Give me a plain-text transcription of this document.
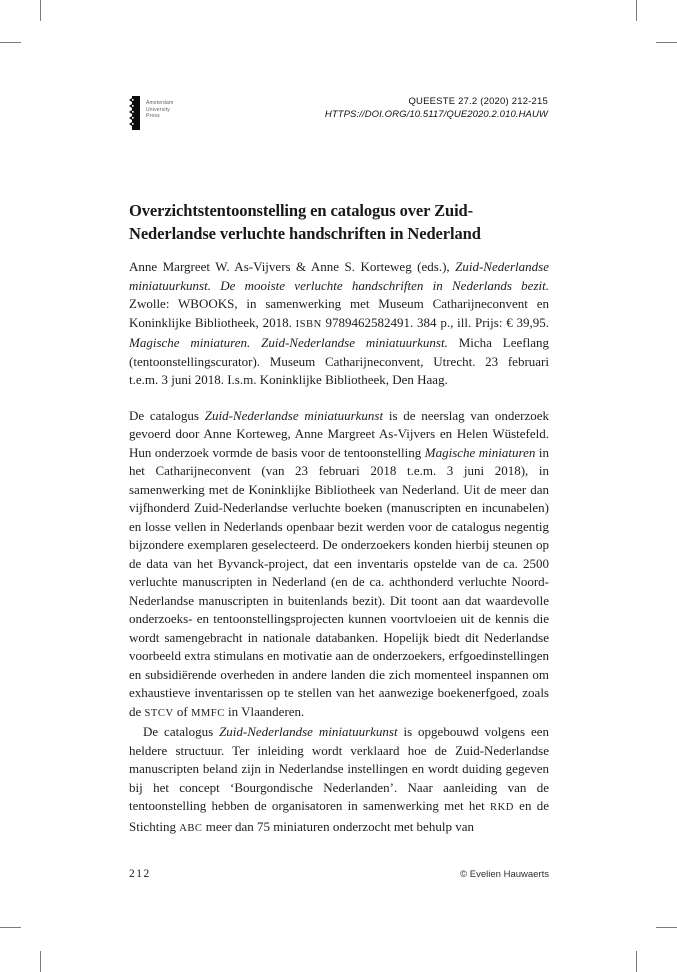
Amsterdam
University
Press
QUEESTE 27.2 (2020) 212-215
HTTPS://DOI.ORG/10.5117/QUE2020.2.010.HAUW
Overzichtstentoonstelling en catalogus over Zuid-
Nederlandse verluchte handschriften in Nederland

Anne Margreet W. As-Vijvers & Anne S. Korteweg (eds.), Zuid-Nederlandse miniatuurkunst. De mooiste verluchte handschriften in Nederlands bezit. Zwolle: WBOOKS, in samenwerking met Museum Catharijneconvent en Koninklijke Bibliotheek, 2018. ISBN 9789462582491. 384 p., ill. Prijs: € 39,95. Magische miniaturen. Zuid-Nederlandse miniatuurkunst. Micha Leeflang (tentoonstellingscurator). Museum Catharijneconvent, Utrecht. 23 februari t.e.m. 3 juni 2018. I.s.m. Koninklijke Bibliotheek, Den Haag.

De catalogus Zuid-Nederlandse miniatuurkunst is de neerslag van onderzoek gevoerd door Anne Korteweg, Anne Margreet As-Vijvers en Helen Wüstefeld. Hun onderzoek vormde de basis voor de tentoonstelling Magische miniaturen in het Catharijneconvent (van 23 februari 2018 t.e.m. 3 juni 2018), in samenwerking met de Koninklijke Bibliotheek van Nederland. Uit de meer dan vijfhonderd Zuid-Nederlandse verluchte boeken (manuscripten en incunabelen) en losse vellen in Nederlands openbaar bezit werden voor de catalogus negentig bijzondere exemplaren geselecteerd. De onderzoekers konden hierbij steunen op de data van het Byvanck-project, dat een inventaris opstelde van de ca. 2500 verluchte manuscripten in Nederland (en de ca. achthonderd verluchte Noord-Nederlandse manuscripten in buitenlands bezit). Dit toont aan dat waardevolle onderzoeks- en tentoonstellingsprojecten kunnen voortvloeien uit de kennis die wordt samengebracht in nationale databanken. Hopelijk biedt dit Nederlandse voorbeeld extra stimulans en motivatie aan de onderzoekers, erfgoedinstellingen en subsidiërende overheden in andere landen die zich momenteel inspannen om exhaustieve inventarissen op te stellen van het aanwezige boekenerfgoed, zoals de STCV of MMFC in Vlaanderen.

De catalogus Zuid-Nederlandse miniatuurkunst is opgebouwd volgens een heldere structuur. Ter inleiding wordt verklaard hoe de Zuid-Nederlandse manuscripten beland zijn in Nederlandse instellingen en wordt duiding gegeven bij het concept ‘Bourgondische Nederlanden’. Naar aanleiding van de tentoonstelling hebben de organisatoren in samenwerking met het RKD en de Stichting ABC meer dan 75 miniaturen onderzocht met behulp van

212	© Evelien Hauwaerts
